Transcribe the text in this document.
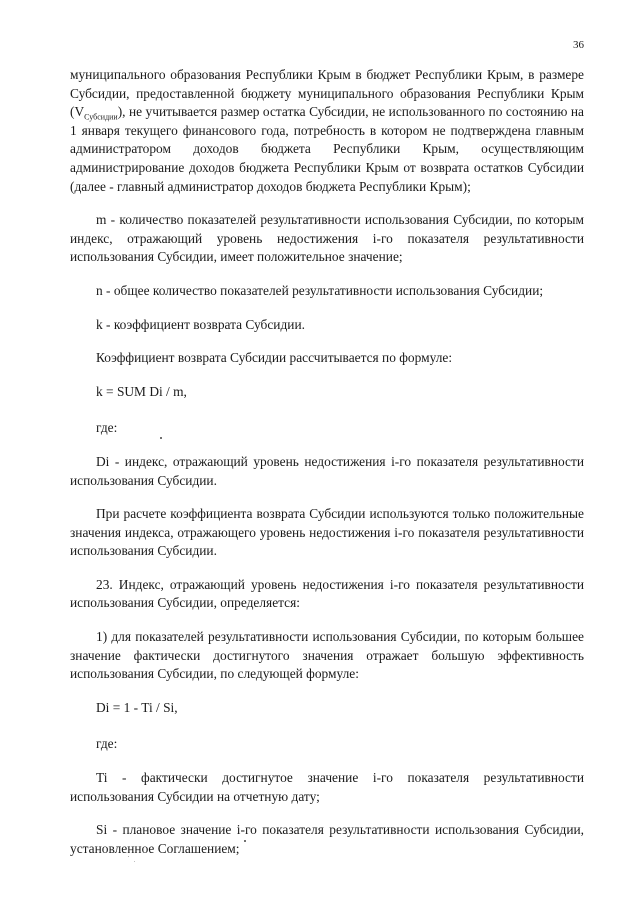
36

муниципального образования Республики Крым в бюджет Республики Крым, в размере Субсидии, предоставленной бюджету муниципального образования Республики Крым $(V_{Субсидии})$, не учитывается размер остатка Субсидии, не использованного по состоянию на 1 января текущего финансового года, потребность в котором не подтверждена главным администратором доходов бюджета Республики Крым, осуществляющим администрирование доходов бюджета Республики Крым от возврата остатков Субсидии (далее - главный администратор доходов бюджета Республики Крым);

m - количество показателей результативности использования Субсидии, по которым индекс, отражающий уровень недостижения i-го показателя результативности использования Субсидии, имеет положительное значение;

n - общее количество показателей результативности использования Субсидии;

k - коэффициент возврата Субсидии.

Коэффициент возврата Субсидии рассчитывается по формуле:

k = SUM Di / m,

где:

Di - индекс, отражающий уровень недостижения i-го показателя результативности использования Субсидии.

При расчете коэффициента возврата Субсидии используются только положительные значения индекса, отражающего уровень недостижения i-го показателя результативности использования Субсидии.

23. Индекс, отражающий уровень недостижения i-го показателя результативности использования Субсидии, определяется:

1) для показателей результативности использования Субсидии, по которым большее значение фактически достигнутого значения отражает большую эффективность использования Субсидии, по следующей формуле:

Di = 1 - Ti / Si,

где:

Ti - фактически достигнутое значение i-го показателя результативности использования Субсидии на отчетную дату;

Si - плановое значение i-го показателя результативности использования Субсидии, установленное Соглашением;
